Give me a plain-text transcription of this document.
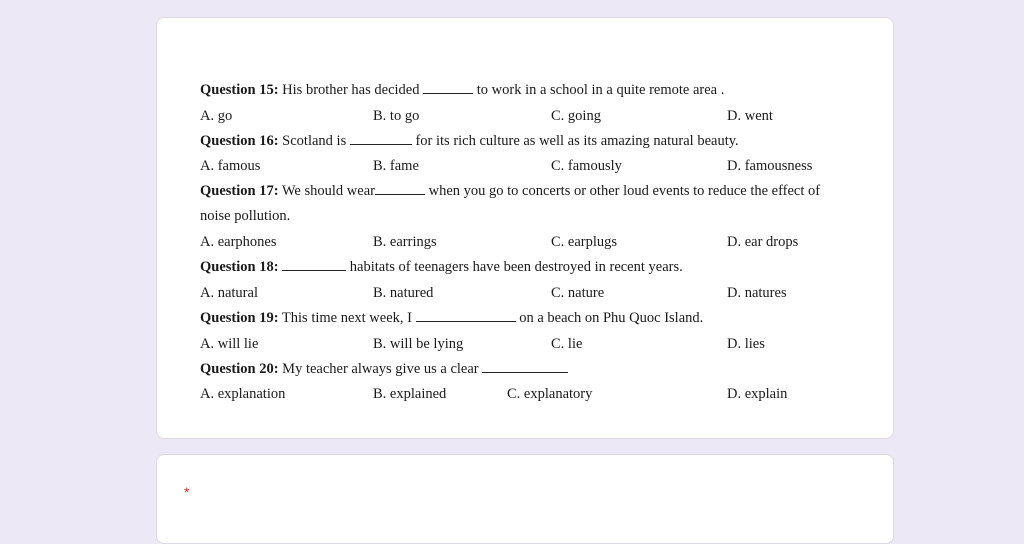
Question 15: His brother has decided	to work in a school in a quite remote area .
A. go	B. to go	C. going	D. went
Question 16: Scotland is	for its rich culture as well as its amazing natural beauty.
A. famous	B. fame	C. famously	D. famousness
Question 17: We should wear	when you go to concerts or other loud events to reduce the effect of
noise pollution.
A. earphones	B. earrings	C. earplugs	D. ear drops
Question 18:	habitats of teenagers have been destroyed in recent years.
A. natural	B. natured	C. nature	D. natures
Question 19: This time next week, I	on a beach on Phu Quoc Island.
A. will lie	B. will be lying	C. lie	D. lies
Question 20: My teacher always give us a clear
A. explanation	B. explained	C. explanatory	D. explain
*
